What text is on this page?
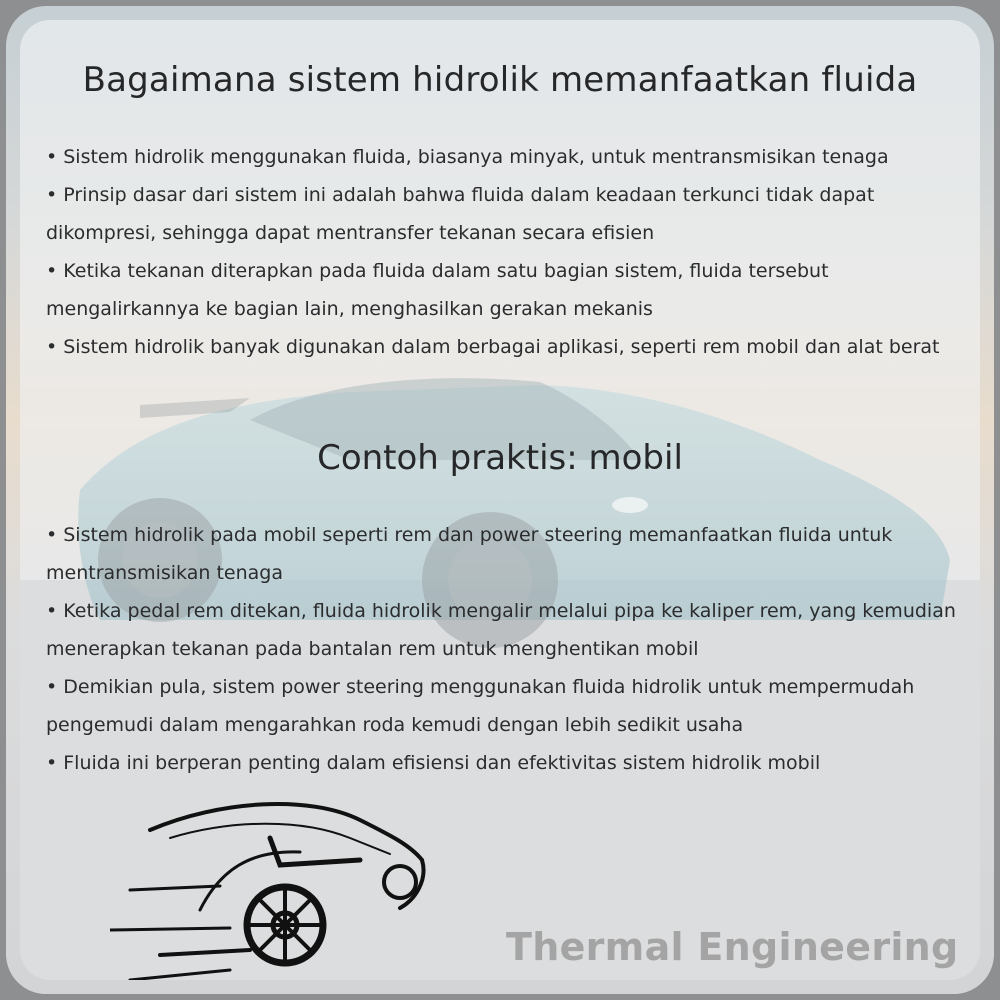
Bagaimana sistem hidrolik memanfaatkan fluida
• Sistem hidrolik menggunakan fluida, biasanya minyak, untuk mentransmisikan tenaga
• Prinsip dasar dari sistem ini adalah bahwa fluida dalam keadaan terkunci tidak dapat dikompresi, sehingga dapat mentransfer tekanan secara efisien
• Ketika tekanan diterapkan pada fluida dalam satu bagian sistem, fluida tersebut mengalirkannya ke bagian lain, menghasilkan gerakan mekanis
• Sistem hidrolik banyak digunakan dalam berbagai aplikasi, seperti rem mobil dan alat berat
Contoh praktis: mobil
• Sistem hidrolik pada mobil seperti rem dan power steering memanfaatkan fluida untuk mentransmisikan tenaga
• Ketika pedal rem ditekan, fluida hidrolik mengalir melalui pipa ke kaliper rem, yang kemudian menerapkan tekanan pada bantalan rem untuk menghentikan mobil
• Demikian pula, sistem power steering menggunakan fluida hidrolik untuk mempermudah pengemudi dalam mengarahkan roda kemudi dengan lebih sedikit usaha
• Fluida ini berperan penting dalam efisiensi dan efektivitas sistem hidrolik mobil
Thermal Engineering
